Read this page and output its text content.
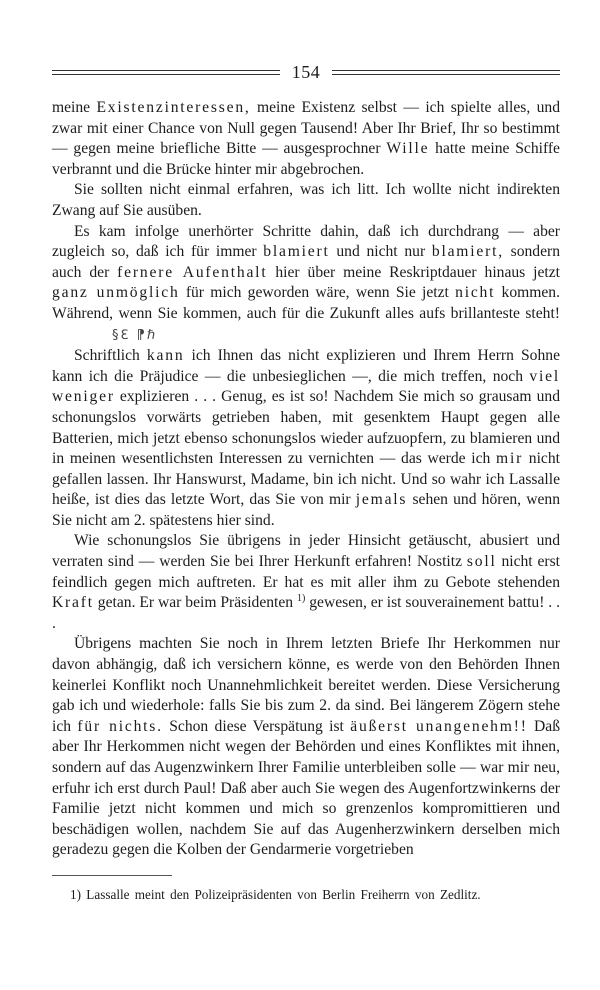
154

meine Existenzinteressen, meine Existenz selbst — ich spielte alles, und zwar mit einer Chance von Null gegen Tausend! Aber Ihr Brief, Ihr so bestimmt — gegen meine briefliche Bitte — ausgesprochner Wille hatte meine Schiffe verbrannt und die Brücke hinter mir abgebrochen.

Sie sollten nicht einmal erfahren, was ich litt. Ich wollte nicht indirekten Zwang auf Sie ausüben.

Es kam infolge unerhörter Schritte dahin, daß ich durchdrang — aber zugleich so, daß ich für immer blamiert und nicht nur blamiert, sondern auch der fernere Aufenthalt hier über meine Reskriptdauer hinaus jetzt ganz unmöglich für mich geworden wäre, wenn Sie jetzt nicht kommen. Während, wenn Sie kommen, auch für die Zukunft alles aufs brillanteste steht!§ℇ ⁋ℏ

Schriftlich kann ich Ihnen das nicht explizieren und Ihrem Herrn Sohne kann ich die Präjudice — die unbesieglichen —, die mich treffen, noch viel weniger explizieren . . . Genug, es ist so! Nachdem Sie mich so grausam und schonungslos vorwärts getrieben haben, mit gesenktem Haupt gegen alle Batterien, mich jetzt ebenso schonungslos wieder aufzuopfern, zu blamieren und in meinen wesentlichsten Interessen zu vernichten — das werde ich mir nicht gefallen lassen. Ihr Hanswurst, Madame, bin ich nicht. Und so wahr ich Lassalle heiße, ist dies das letzte Wort, das Sie von mir jemals sehen und hören, wenn Sie nicht am 2. spätestens hier sind.

Wie schonungslos Sie übrigens in jeder Hinsicht getäuscht, abusiert und verraten sind — werden Sie bei Ihrer Herkunft erfahren! Nostitz soll nicht erst feindlich gegen mich auftreten. Er hat es mit aller ihm zu Gebote stehenden Kraft getan. Er war beim Präsidenten $^{1)}$ gewesen, er ist souverainement battu! . . .

Übrigens machten Sie noch in Ihrem letzten Briefe Ihr Herkommen nur davon abhängig, daß ich versichern könne, es werde von den Behörden Ihnen keinerlei Konflikt noch Unannehmlichkeit bereitet werden. Diese Versicherung gab ich und wiederhole: falls Sie bis zum 2. da sind. Bei längerem Zögern stehe ich für nichts. Schon diese Verspätung ist äußerst unangenehm!! Daß aber Ihr Herkommen nicht wegen der Behörden und eines Konfliktes mit ihnen, sondern auf das Augenzwinkern Ihrer Familie unterbleiben solle — war mir neu, erfuhr ich erst durch Paul! Daß aber auch Sie wegen des Augenfortzwinkerns der Familie jetzt nicht kommen und mich so grenzenlos kompromittieren und beschädigen wollen, nachdem Sie auf das Augenherzwinkern derselben mich geradezu gegen die Kolben der Gendarmerie vorgetrieben

1) Lassalle meint den Polizeipräsidenten von Berlin Freiherrn von Zedlitz.
